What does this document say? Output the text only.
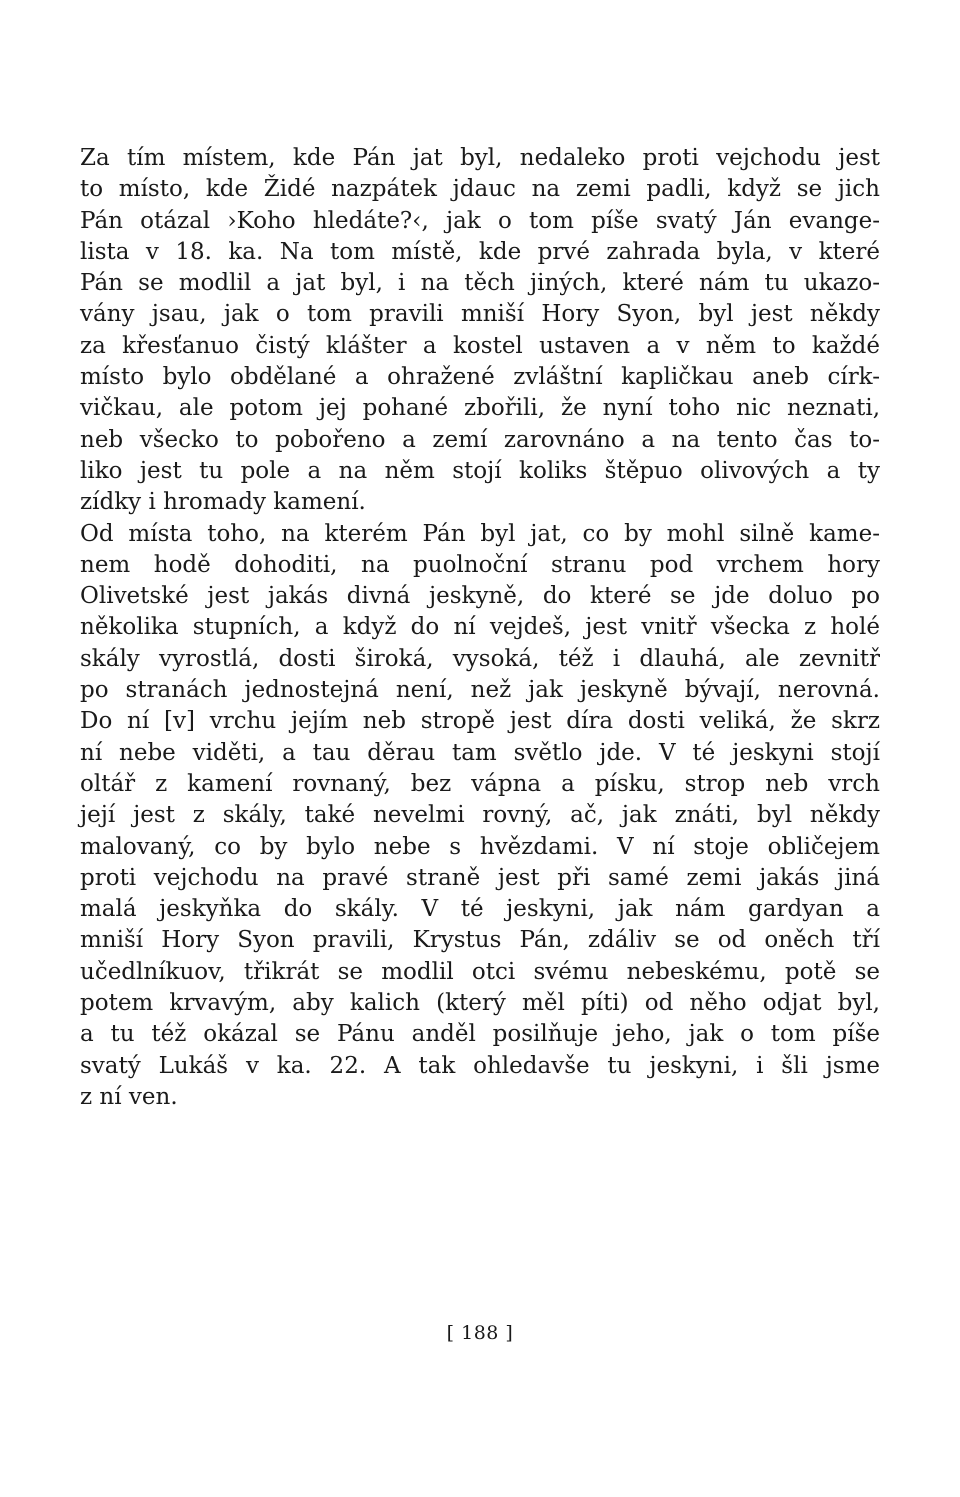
Za tím místem, kde Pán jat byl, nedaleko proti vejchodu jest
to místo, kde Židé nazpátek jdauc na zemi padli, když se jich
Pán otázal ›Koho hledáte?‹, jak o tom píše svatý Ján evange-
lista v 18. ka. Na tom místě, kde prvé zahrada byla, v které
Pán se modlil a jat byl, i na těch jiných, které nám tu ukazo-
vány jsau, jak o tom pravili mniší Hory Syon, byl jest někdy
za křesťanuo čistý klášter a kostel ustaven a v něm to každé
místo bylo obdělané a ohražené zvláštní kapličkau aneb círk-
vičkau, ale potom jej pohané zbořili, že nyní toho nic neznati,
neb všecko to pobořeno a zemí zarovnáno a na tento čas to-
liko jest tu pole a na něm stojí koliks štěpuo olivových a ty
zídky i hromady kamení.

Od místa toho, na kterém Pán byl jat, co by mohl silně kame-
nem hodě dohoditi, na puolnoční stranu pod vrchem hory
Olivetské jest jakás divná jeskyně, do které se jde doluo po
několika stupních, a když do ní vejdeš, jest vnitř všecka z holé
skály vyrostlá, dosti široká, vysoká, též i dlauhá, ale zevnitř
po stranách jednostejná není, než jak jeskyně bývají, nerovná.
Do ní [v] vrchu jejím neb stropě jest díra dosti veliká, že skrz
ní nebe viděti, a tau děrau tam světlo jde. V té jeskyni stojí
oltář z kamení rovnaný, bez vápna a písku, strop neb vrch
její jest z skály, také nevelmi rovný, ač, jak znáti, byl někdy
malovaný, co by bylo nebe s hvězdami. V ní stoje obličejem
proti vejchodu na pravé straně jest při samé zemi jakás jiná
malá jeskyňka do skály. V té jeskyni, jak nám gardyan a
mniší Hory Syon pravili, Krystus Pán, zdáliv se od oněch tří
učedlníkuov, třikrát se modlil otci svému nebeskému, potě se
potem krvavým, aby kalich (který měl píti) od něho odjat byl,
a tu též okázal se Pánu anděl posilňuje jeho, jak o tom píše
svatý Lukáš v ka. 22. A tak ohledavše tu jeskyni, i šli jsme
z ní ven.

[ 188 ]
